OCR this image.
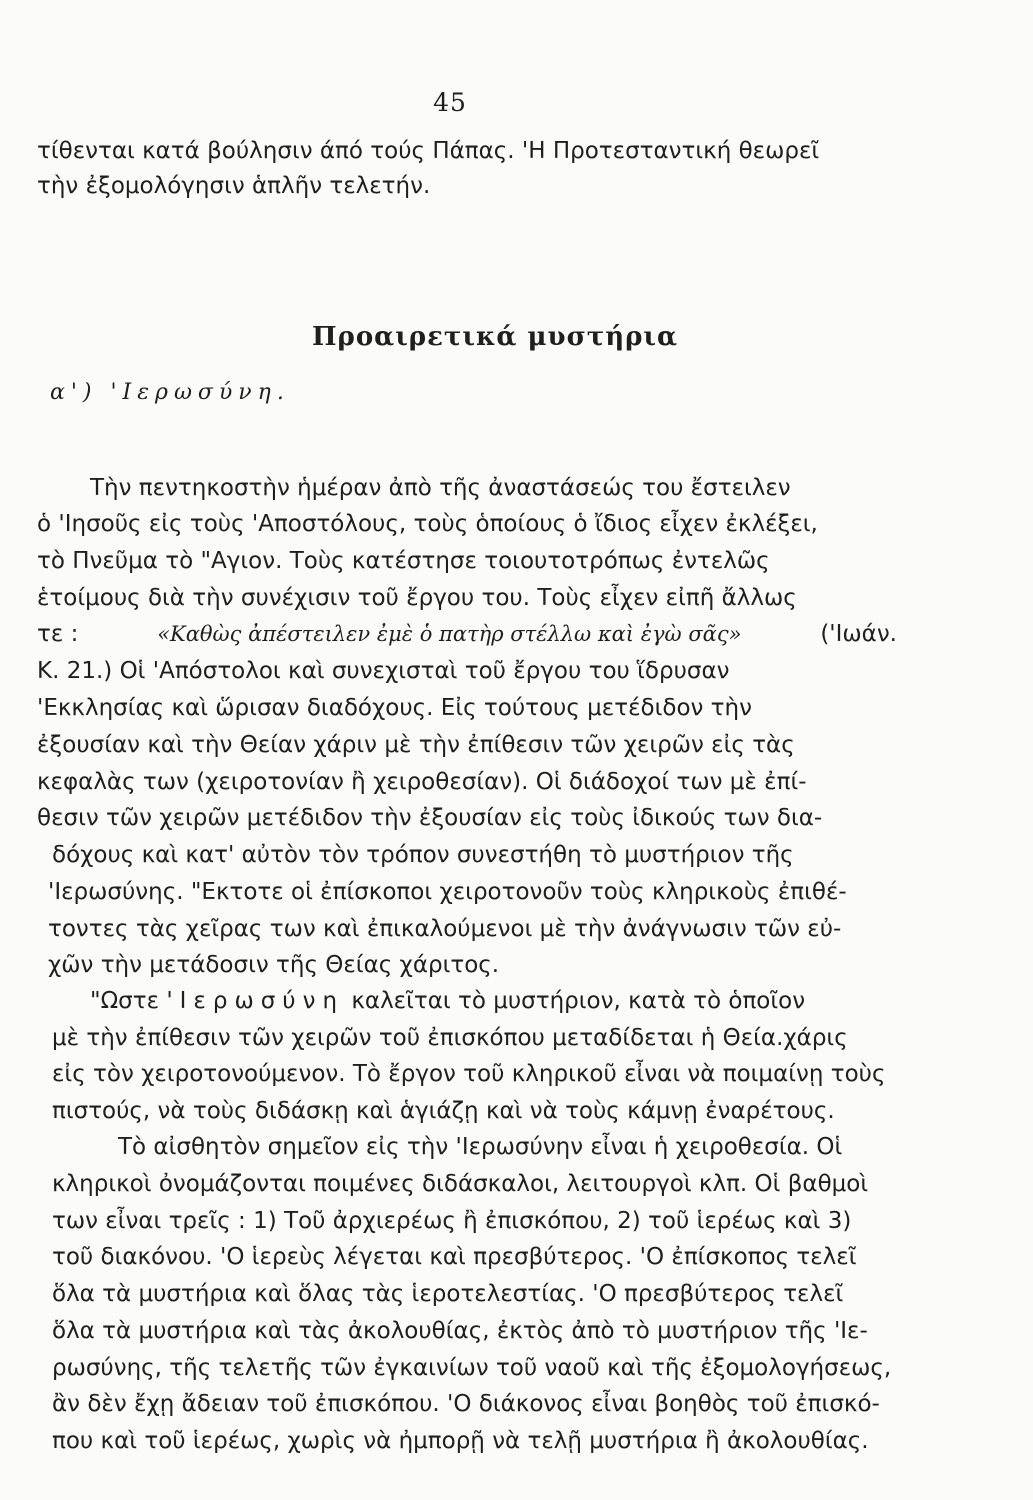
45
τίθενται κατά βούλησιν άπό τούς Πάπας. 'Η Προτεσταντική θεωρεῖ
τὴν ἐξομολόγησιν ἁπλῆν τελετήν.
Προαιρετικά μυστήρια
α') 'Ιερωσύνη.
Τὴν πεντηκοστὴν ἡμέραν ἀπὸ τῆς ἀναστάσεώς του ἔστειλεν
ὁ 'Ιησοῦς εἰς τοὺς 'Αποστόλους, τοὺς ὁποίους ὁ ἴδιος εἶχεν ἐκλέξει,
τὸ Πνεῦμα τὸ "Αγιον. Τοὺς κατέστησε τοιουτοτρόπως ἐντελῶς
ἑτοίμους διὰ τὴν συνέχισιν τοῦ ἔργου του. Τοὺς εἶχεν εἰπῆ ἄλλως
τε :	«Καθὼς ἀπέστειλεν ἐμὲ ὁ πατὴρ στέλλω καὶ ἐγὼ σᾶς»	('Ιωάν.
Κ. 21.) Οἱ 'Απόστολοι καὶ συνεχισταὶ τοῦ ἔργου του ἵδρυσαν
'Εκκλησίας καὶ ὥρισαν διαδόχους. Εἰς τούτους μετέδιδον τὴν
ἐξουσίαν καὶ τὴν Θείαν χάριν μὲ τὴν ἐπίθεσιν τῶν χειρῶν εἰς τὰς
κεφαλὰς των (χειροτονίαν ἢ χειροθεσίαν). Οἱ διάδοχοί των μὲ ἐπί-
θεσιν τῶν χειρῶν μετέδιδον τὴν ἐξουσίαν εἰς τοὺς ἰδικούς των δια-
δόχους καὶ κατ' αὐτὸν τὸν τρόπον συνεστήθη τὸ μυστήριον τῆς
'Ιερωσύνης. "Εκτοτε οἱ ἐπίσκοποι χειροτονοῦν τοὺς κληρικοὺς ἐπιθέ-
τοντες τὰς χεῖρας των καὶ ἐπικαλούμενοι μὲ τὴν ἀνάγνωσιν τῶν εὐ-
χῶν τὴν μετάδοσιν τῆς Θείας χάριτος.
"Ωστε 'Ιερωσύνη καλεῖται τὸ μυστήριον, κατὰ τὸ ὁποῖον
μὲ τὴν ἐπίθεσιν τῶν χειρῶν τοῦ ἐπισκόπου μεταδίδεται ἡ Θεία.χάρις
εἰς τὸν χειροτονούμενον. Τὸ ἔργον τοῦ κληρικοῦ εἶναι νὰ ποιμαίνῃ τοὺς
πιστούς, νὰ τοὺς διδάσκῃ καὶ ἁγιάζῃ καὶ νὰ τοὺς κάμνῃ ἐναρέτους.
Τὸ αἰσθητὸν σημεῖον εἰς τὴν 'Ιερωσύνην εἶναι ἡ χειροθεσία. Οἱ
κληρικοὶ ὀνομάζονται ποιμένες διδάσκαλοι, λειτουργοὶ κλπ. Οἱ βαθμοὶ
των εἶναι τρεῖς : 1) Τοῦ ἀρχιερέως ἢ ἐπισκόπου, 2) τοῦ ἱερέως καὶ 3)
τοῦ διακόνου. 'Ο ἱερεὺς λέγεται καὶ πρεσβύτερος. 'Ο ἐπίσκοπος τελεῖ
ὅλα τὰ μυστήρια καὶ ὅλας τὰς ἱεροτελεστίας. 'Ο πρεσβύτερος τελεῖ
ὅλα τὰ μυστήρια καὶ τὰς ἀκολουθίας, ἐκτὸς ἀπὸ τὸ μυστήριον τῆς 'Ιε-
ρωσύνης, τῆς τελετῆς τῶν ἐγκαινίων τοῦ ναοῦ καὶ τῆς ἐξομολογήσεως,
ἂν δὲν ἔχῃ ἄδειαν τοῦ ἐπισκόπου. 'Ο διάκονος εἶναι βοηθὸς τοῦ ἐπισκό-
που καὶ τοῦ ἱερέως, χωρὶς νὰ ἠμπορῇ νὰ τελῇ μυστήρια ἢ ἀκολουθίας.
